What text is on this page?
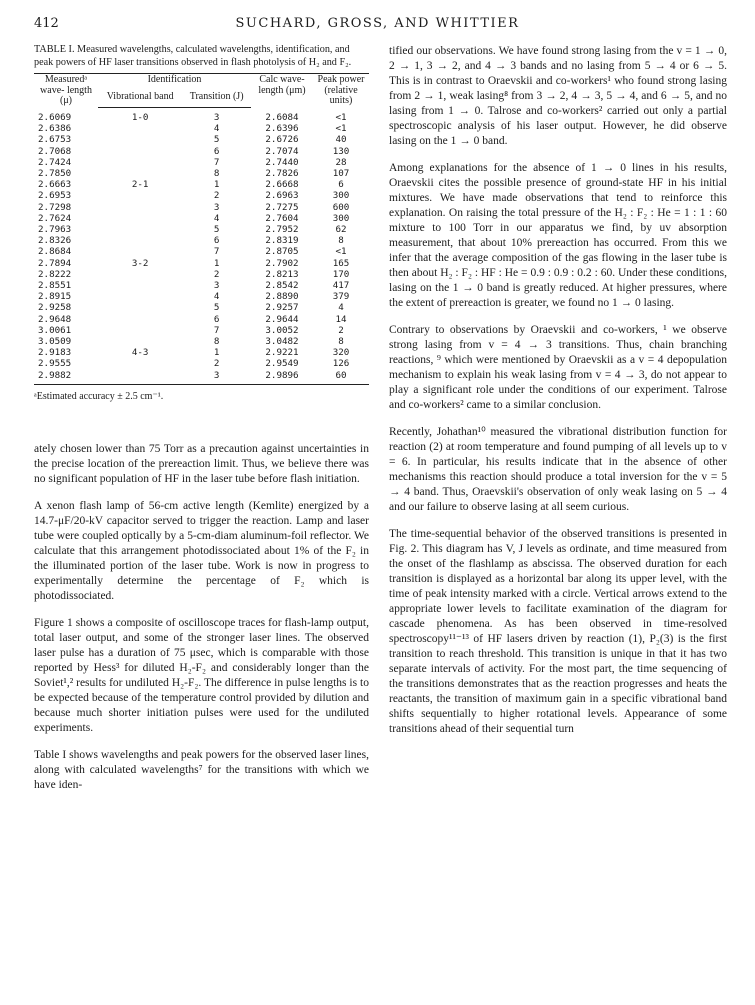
412	SUCHARD, GROSS, AND WHITTIER

TABLE I. Measured wavelengths, calculated wavelengths, identification, and peak powers of HF laser transitions observed in flash photolysis of H₂ and F₂.

Measuredᵃ wave- length (μ)	Identification		Calc wave- length (μm)	Peak power (relative units)
	Vibrational band	Transition (J)		
2.6069	1-0	3	2.6084	<1
2.6386		4	2.6396	<1
2.6753		5	2.6726	40
2.7068		6	2.7074	130
2.7424		7	2.7440	28
2.7850		8	2.7826	107
2.6663	2-1	1	2.6668	6
2.6953		2	2.6963	300
2.7298		3	2.7275	600
2.7624		4	2.7604	300
2.7963		5	2.7952	62
2.8326		6	2.8319	8
2.8684		7	2.8705	<1
2.7894	3-2	1	2.7902	165
2.8222		2	2.8213	170
2.8551		3	2.8542	417
2.8915		4	2.8890	379
2.9258		5	2.9257	4
2.9648		6	2.9644	14
3.0061		7	3.0052	2
3.0509		8	3.0482	8
2.9183	4-3	1	2.9221	320
2.9555		2	2.9549	126
2.9882		3	2.9896	60
ᵃEstimated accuracy ± 2.5 cm⁻¹.

ately chosen lower than 75 Torr as a precaution against uncertainties in the precise location of the prereaction limit. Thus, we believe there was no significant population of HF in the laser tube before flash initiation.

A xenon flash lamp of 56-cm active length (Kemlite) energized by a 14.7-μF/20-kV capacitor served to trigger the reaction. Lamp and laser tube were coupled optically by a 5-cm-diam aluminum-foil reflector. We calculate that this arrangement photodissociated about 1% of the F₂ in the illuminated portion of the laser tube. Work is now in progress to experimentally determine the percentage of F₂ which is photodissociated.

Figure 1 shows a composite of oscilloscope traces for flash-lamp output, total laser output, and some of the stronger laser lines. The observed laser pulse has a duration of 75 μsec, which is comparable with those reported by Hess³ for diluted H₂-F₂ and considerably longer than the Soviet¹,² results for undiluted H₂-F₂. The difference in pulse lengths is to be expected because of the temperature control provided by dilution and because much shorter initiation pulses were used for the undiluted experiments.

Table I shows wavelengths and peak powers for the observed laser lines, along with calculated wavelengths⁷ for the transitions with which we have iden-

tified our observations. We have found strong lasing from the v = 1 → 0, 2 → 1, 3 → 2, and 4 → 3 bands and no lasing from 5 → 4 or 6 → 5. This is in contrast to Oraevskii and co-workers¹ who found strong lasing from 2 → 1, weak lasing⁸ from 3 → 2, 4 → 3, 5 → 4, and 6 → 5, and no lasing from 1 → 0. Talrose and co-workers² carried out only a partial spectroscopic analysis of his laser output. However, he did observe lasing on the 1 → 0 band.

Among explanations for the absence of 1 → 0 lines in his results, Oraevskii cites the possible presence of ground-state HF in his initial mixtures. We have made observations that tend to reinforce this explanation. On raising the total pressure of the H₂ : F₂ : He = 1 : 1 : 60 mixture to 100 Torr in our apparatus we find, by uv absorption measurement, that about 10% prereaction has occurred. From this we infer that the average composition of the gas flowing in the laser tube is then about H₂ : F₂ : HF : He = 0.9 : 0.9 : 0.2 : 60. Under these conditions, lasing on the 1 → 0 band is greatly reduced. At higher pressures, where the extent of prereaction is greater, we found no 1 → 0 lasing.

Contrary to observations by Oraevskii and co-workers, ¹ we observe strong lasing from v = 4 → 3 transitions. Thus, chain branching reactions, ⁹ which were mentioned by Oraevskii as a v = 4 depopulation mechanism to explain his weak lasing from v = 4 → 3, do not appear to play a significant role under the conditions of our experiment. Talrose and co-workers² came to a similar conclusion.

Recently, Johathan¹⁰ measured the vibrational distribution function for reaction (2) at room temperature and found pumping of all levels up to v = 6. In particular, his results indicate that in the absence of other mechanisms this reaction should produce a total inversion for the v = 5 → 4 band. Thus, Oraevskii's observation of only weak lasing on 5 → 4 and our failure to observe lasing at all seem curious.

The time-sequential behavior of the observed transitions is presented in Fig. 2. This diagram has V, J levels as ordinate, and time measured from the onset of the flashlamp as abscissa. The observed duration for each transition is displayed as a horizontal bar along its upper level, with the time of peak intensity marked with a circle. Vertical arrows extend to the appropriate lower levels to facilitate examination of the diagram for cascade phenomena. As has been observed in time-resolved spectroscopy¹¹⁻¹³ of HF lasers driven by reaction (1), P₂(3) is the first transition to reach threshold. This transition is unique in that it has two separate intervals of activity. For the most part, the time sequencing of the transitions demonstrates that as the reaction progresses and heats the reactants, the transition of maximum gain in a specific vibrational band shifts sequentially to higher rotational levels. Appearance of some transitions ahead of their sequential turn
